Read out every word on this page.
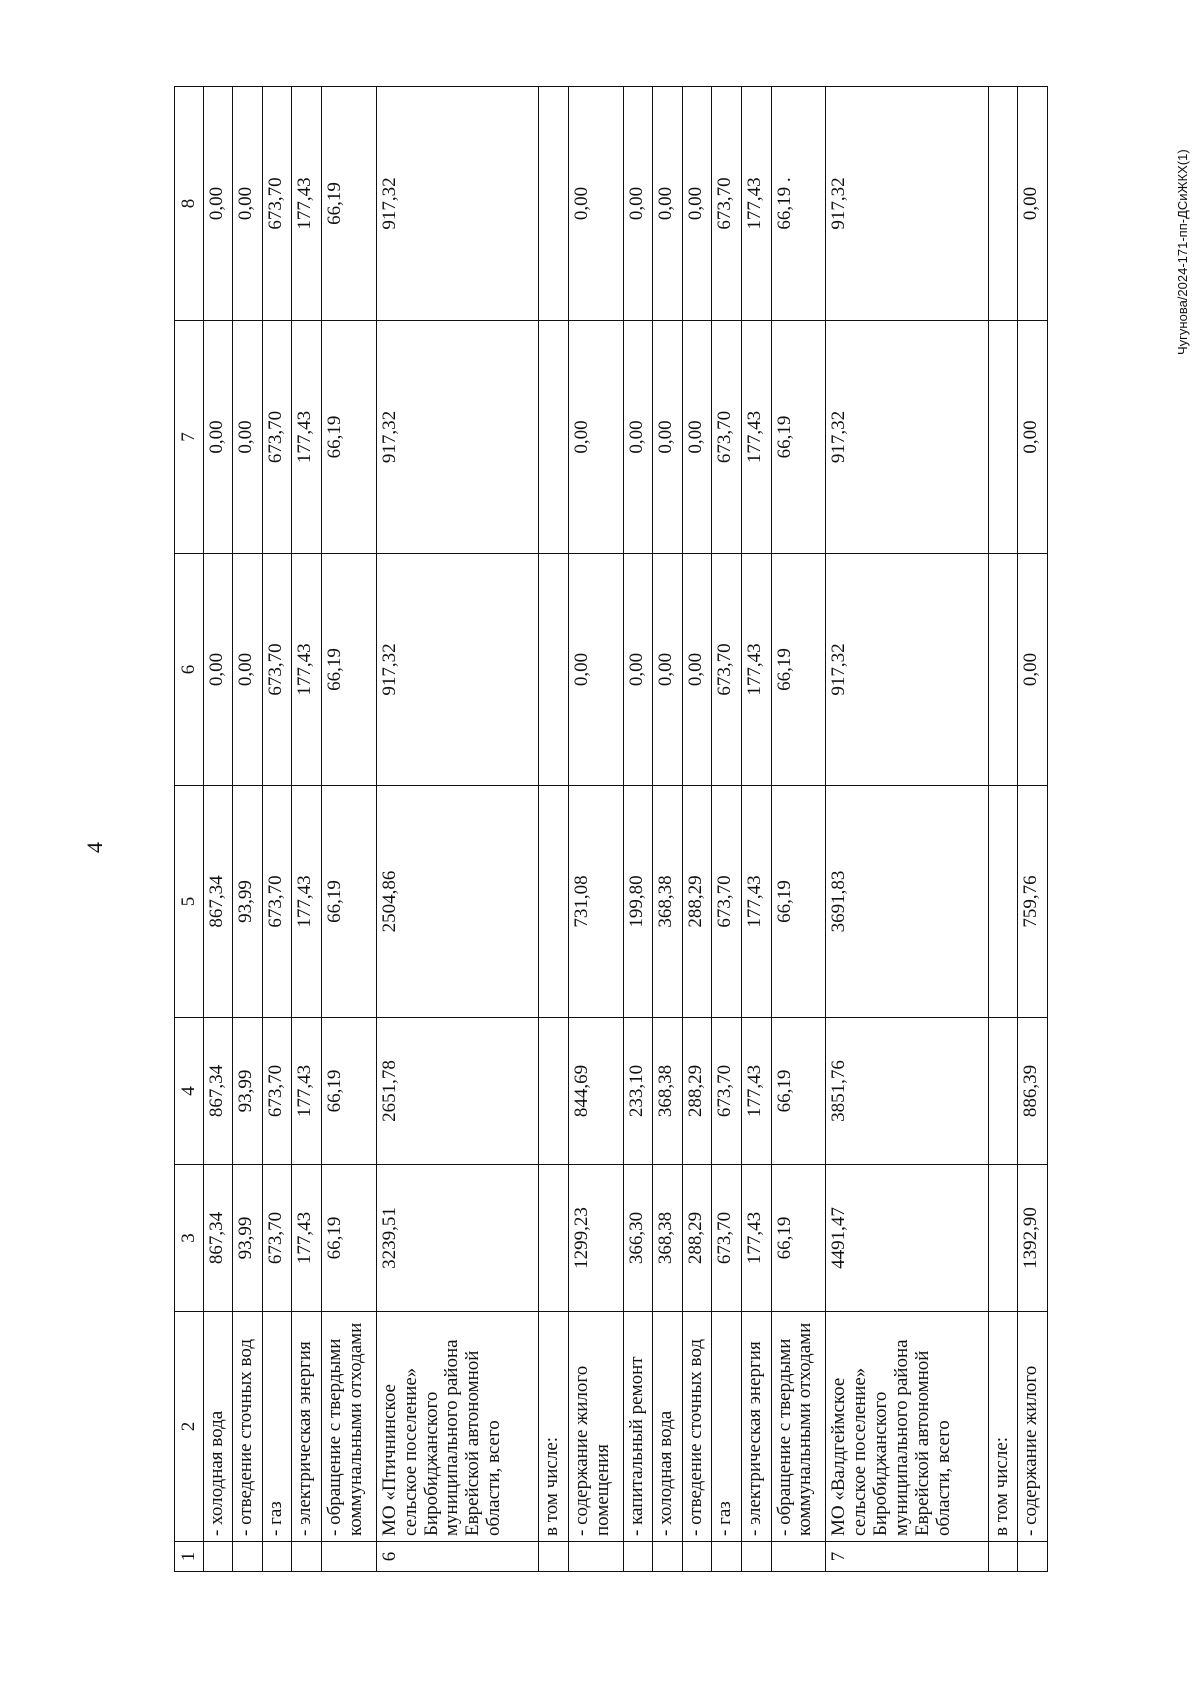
4
Чугунова/2024-171-пп-ДСиЖКХ(1)
1	2	3	4	5	6	7	8
	- холодная вода	867,34	867,34	867,34	0,00	0,00	0,00
	- отведение сточных вод	93,99	93,99	93,99	0,00	0,00	0,00
	- газ	673,70	673,70	673,70	673,70	673,70	673,70
	- электрическая энергия	177,43	177,43	177,43	177,43	177,43	177,43
	- обращение с твердыми коммунальными отходами	66,19	66,19	66,19	66,19	66,19	66,19
6	МО «Птичнинское сельское поселение» Биробиджанского муниципального района Еврейской автономной области, всего	3239,51	2651,78	2504,86	917,32	917,32	917,32
	в том числе:						
	- содержание жилого помещения	1299,23	844,69	731,08	0,00	0,00	0,00
	- капитальный ремонт	366,30	233,10	199,80	0,00	0,00	0,00
	- холодная вода	368,38	368,38	368,38	0,00	0,00	0,00
	- отведение сточных вод	288,29	288,29	288,29	0,00	0,00	0,00
	- газ	673,70	673,70	673,70	673,70	673,70	673,70
	- электрическая энергия	177,43	177,43	177,43	177,43	177,43	177,43
	- обращение с твердыми коммунальными отходами	66,19	66,19	66,19	66,19	66,19	66,19 .
7	МО «Валдгеймское сельское поселение» Биробиджанского муниципального района Еврейской автономной области, всего	4491,47	3851,76	3691,83	917,32	917,32	917,32
	в том числе:						
	- содержание жилого	1392,90	886,39	759,76	0,00	0,00	0,00
